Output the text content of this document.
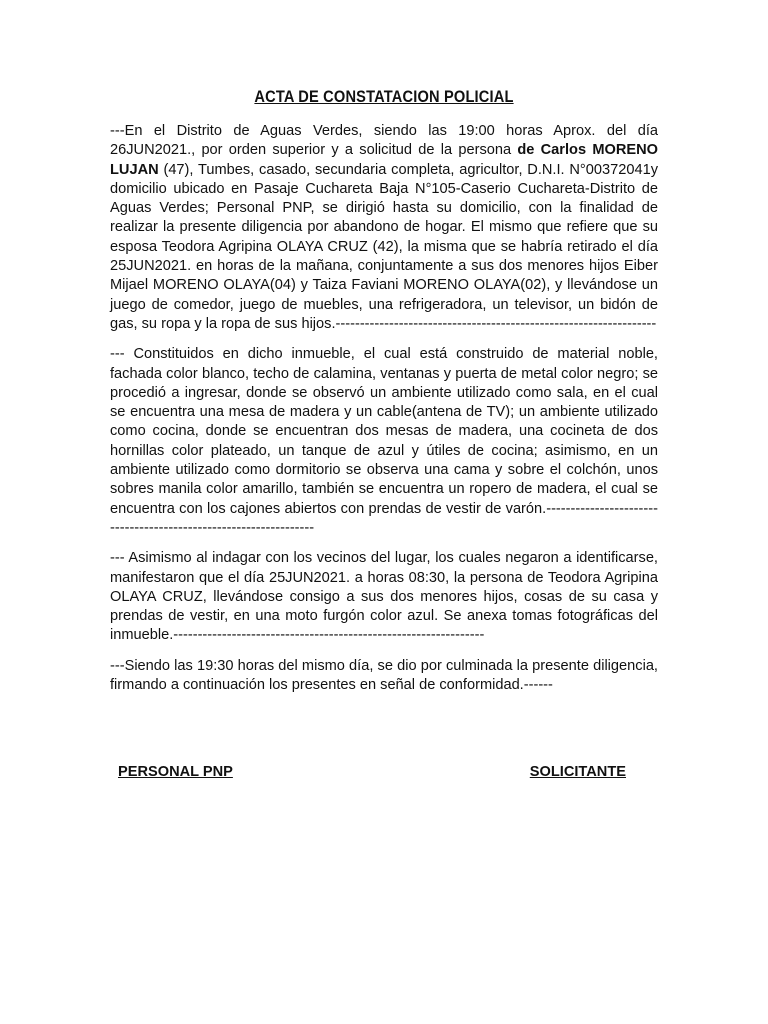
ACTA DE CONSTATACION POLICIAL

---En el Distrito de Aguas Verdes, siendo las 19:00 horas Aprox. del día 26JUN2021., por orden superior y a solicitud de la persona de Carlos MORENO LUJAN (47), Tumbes, casado, secundaria completa, agricultor, D.N.I. N°00372041y domicilio ubicado en Pasaje Cuchareta Baja N°105-Caserio Cuchareta-Distrito de Aguas Verdes; Personal PNP, se dirigió hasta su domicilio, con la finalidad de realizar la presente diligencia por abandono de hogar. El mismo que refiere que su esposa Teodora Agripina OLAYA CRUZ (42), la misma que se habría retirado el día 25JUN2021. en horas de la mañana, conjuntamente a sus dos menores hijos Eiber Mijael MORENO OLAYA(04) y Taiza Faviani MORENO OLAYA(02), y llevándose un juego de comedor, juego de muebles, una refrigeradora, un televisor, un bidón de gas, su ropa y la ropa de sus hijos.------------------------------------------------------------------

--- Constituidos en dicho inmueble, el cual está construido de material noble, fachada color blanco, techo de calamina, ventanas y puerta de metal color negro; se procedió a ingresar, donde se observó un ambiente utilizado como sala, en el cual se encuentra una mesa de madera y un cable(antena de TV); un ambiente utilizado como cocina, donde se encuentran dos mesas de madera, una cocineta de dos hornillas color plateado, un tanque de azul y útiles de cocina; asimismo, en un ambiente utilizado como dormitorio se observa una cama y sobre el colchón, unos sobres manila color amarillo, también se encuentra un ropero de madera, el cual se encuentra con los cajones abiertos con prendas de vestir de varón.-----------------------------------------------------------------

--- Asimismo al indagar con los vecinos del lugar, los cuales negaron a identificarse, manifestaron que el día 25JUN2021. a horas 08:30, la persona de Teodora Agripina OLAYA CRUZ, llevándose consigo a sus dos menores hijos, cosas de su casa y prendas de vestir, en una moto furgón color azul. Se anexa tomas fotográficas del inmueble.----------------------------------------------------------------

---Siendo las 19:30 horas del mismo día, se dio por culminada la presente diligencia, firmando a continuación los presentes en señal de conformidad.------

PERSONAL PNP	SOLICITANTE
